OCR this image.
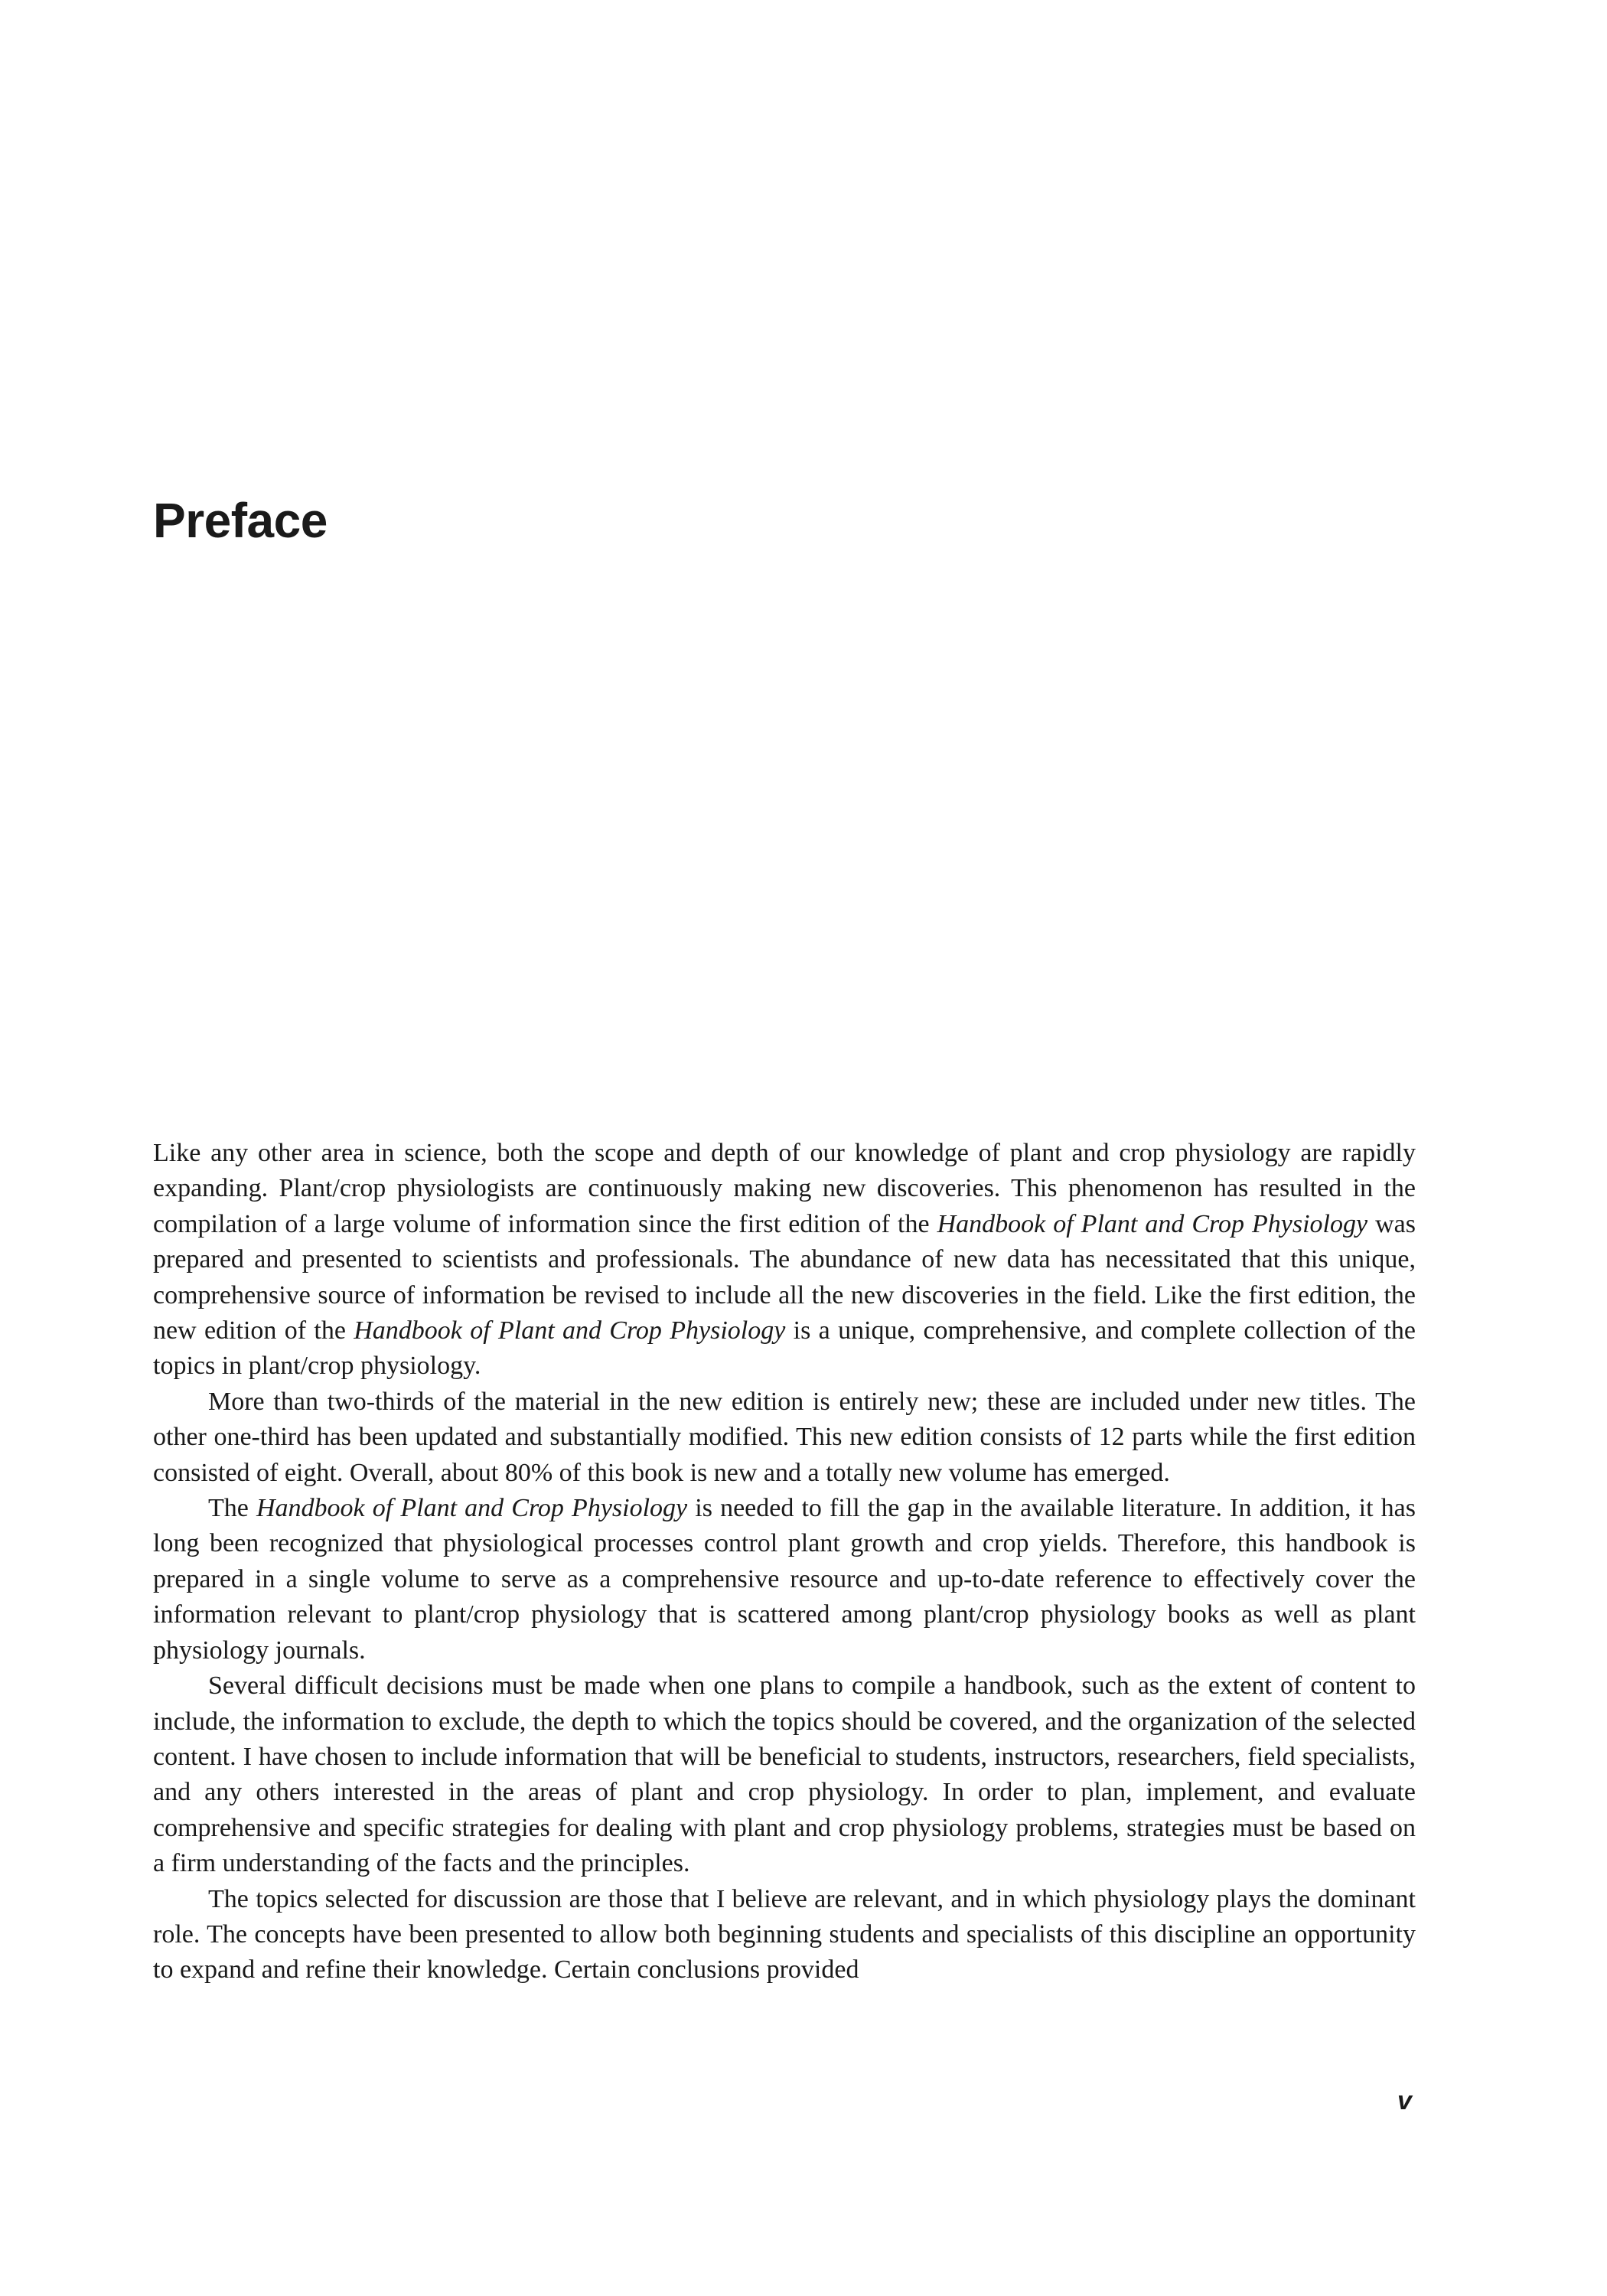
Preface

Like any other area in science, both the scope and depth of our knowledge of plant and crop physiology are rapidly expanding. Plant/crop physiologists are continuously making new discoveries. This phenomenon has resulted in the compilation of a large volume of information since the first edition of the Handbook of Plant and Crop Physiology was prepared and presented to scientists and professionals. The abundance of new data has necessitated that this unique, comprehensive source of information be revised to include all the new discoveries in the field. Like the first edition, the new edition of the Handbook of Plant and Crop Physiology is a unique, comprehensive, and complete collection of the topics in plant/crop physiology.

More than two-thirds of the material in the new edition is entirely new; these are included under new titles. The other one-third has been updated and substantially modified. This new edition consists of 12 parts while the first edition consisted of eight. Overall, about 80% of this book is new and a totally new volume has emerged.

The Handbook of Plant and Crop Physiology is needed to fill the gap in the available literature. In addition, it has long been recognized that physiological processes control plant growth and crop yields. Therefore, this handbook is prepared in a single volume to serve as a comprehensive resource and up-to-date reference to effectively cover the information relevant to plant/crop physiology that is scattered among plant/crop physiology books as well as plant physiology journals.

Several difficult decisions must be made when one plans to compile a handbook, such as the extent of content to include, the information to exclude, the depth to which the topics should be covered, and the organization of the selected content. I have chosen to include information that will be beneficial to students, instructors, researchers, field specialists, and any others interested in the areas of plant and crop physiology. In order to plan, implement, and evaluate comprehensive and specific strategies for dealing with plant and crop physiology problems, strategies must be based on a firm understanding of the facts and the principles.

The topics selected for discussion are those that I believe are relevant, and in which physiology plays the dominant role. The concepts have been presented to allow both beginning students and specialists of this discipline an opportunity to expand and refine their knowledge. Certain conclusions provided

v
